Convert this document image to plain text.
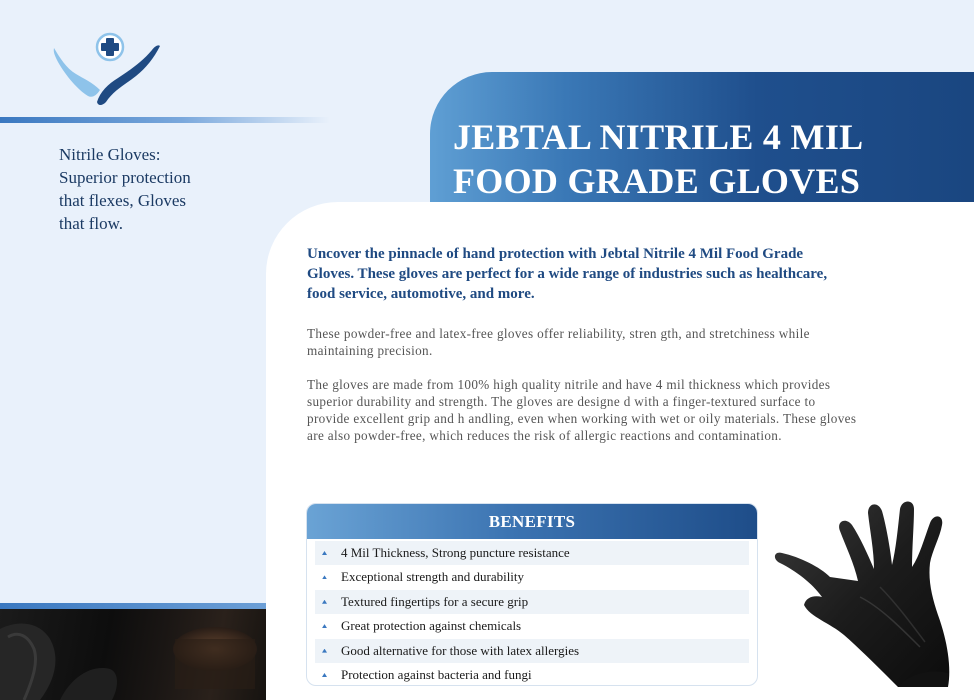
Nitrile Gloves:
Superior protection
that flexes, Gloves
that flow.
JEBTAL NITRILE 4 MIL
FOOD GRADE GLOVES

Uncover the pinnacle of hand protection with Jebtal Nitrile 4 Mil Food Grade Gloves. These gloves are perfect for a wide range of industries such as healthcare, food service, automotive, and more.

These powder-free and latex-free gloves offer reliability, stren gth, and stretchiness while maintaining precision.

The gloves are made from 100% high quality nitrile and have 4 mil thickness which provides superior durability and strength. The gloves are designe d with a finger-textured surface to provide excellent grip and h andling, even when working with wet or oily materials. These gloves are also powder-free, which reduces the risk of allergic reactions and contamination.

BENEFITS
4 Mil Thickness, Strong puncture resistance
Exceptional strength and durability
Textured fingertips for a secure grip
Great protection against chemicals
Good alternative for those with latex allergies
Protection against bacteria and fungi
